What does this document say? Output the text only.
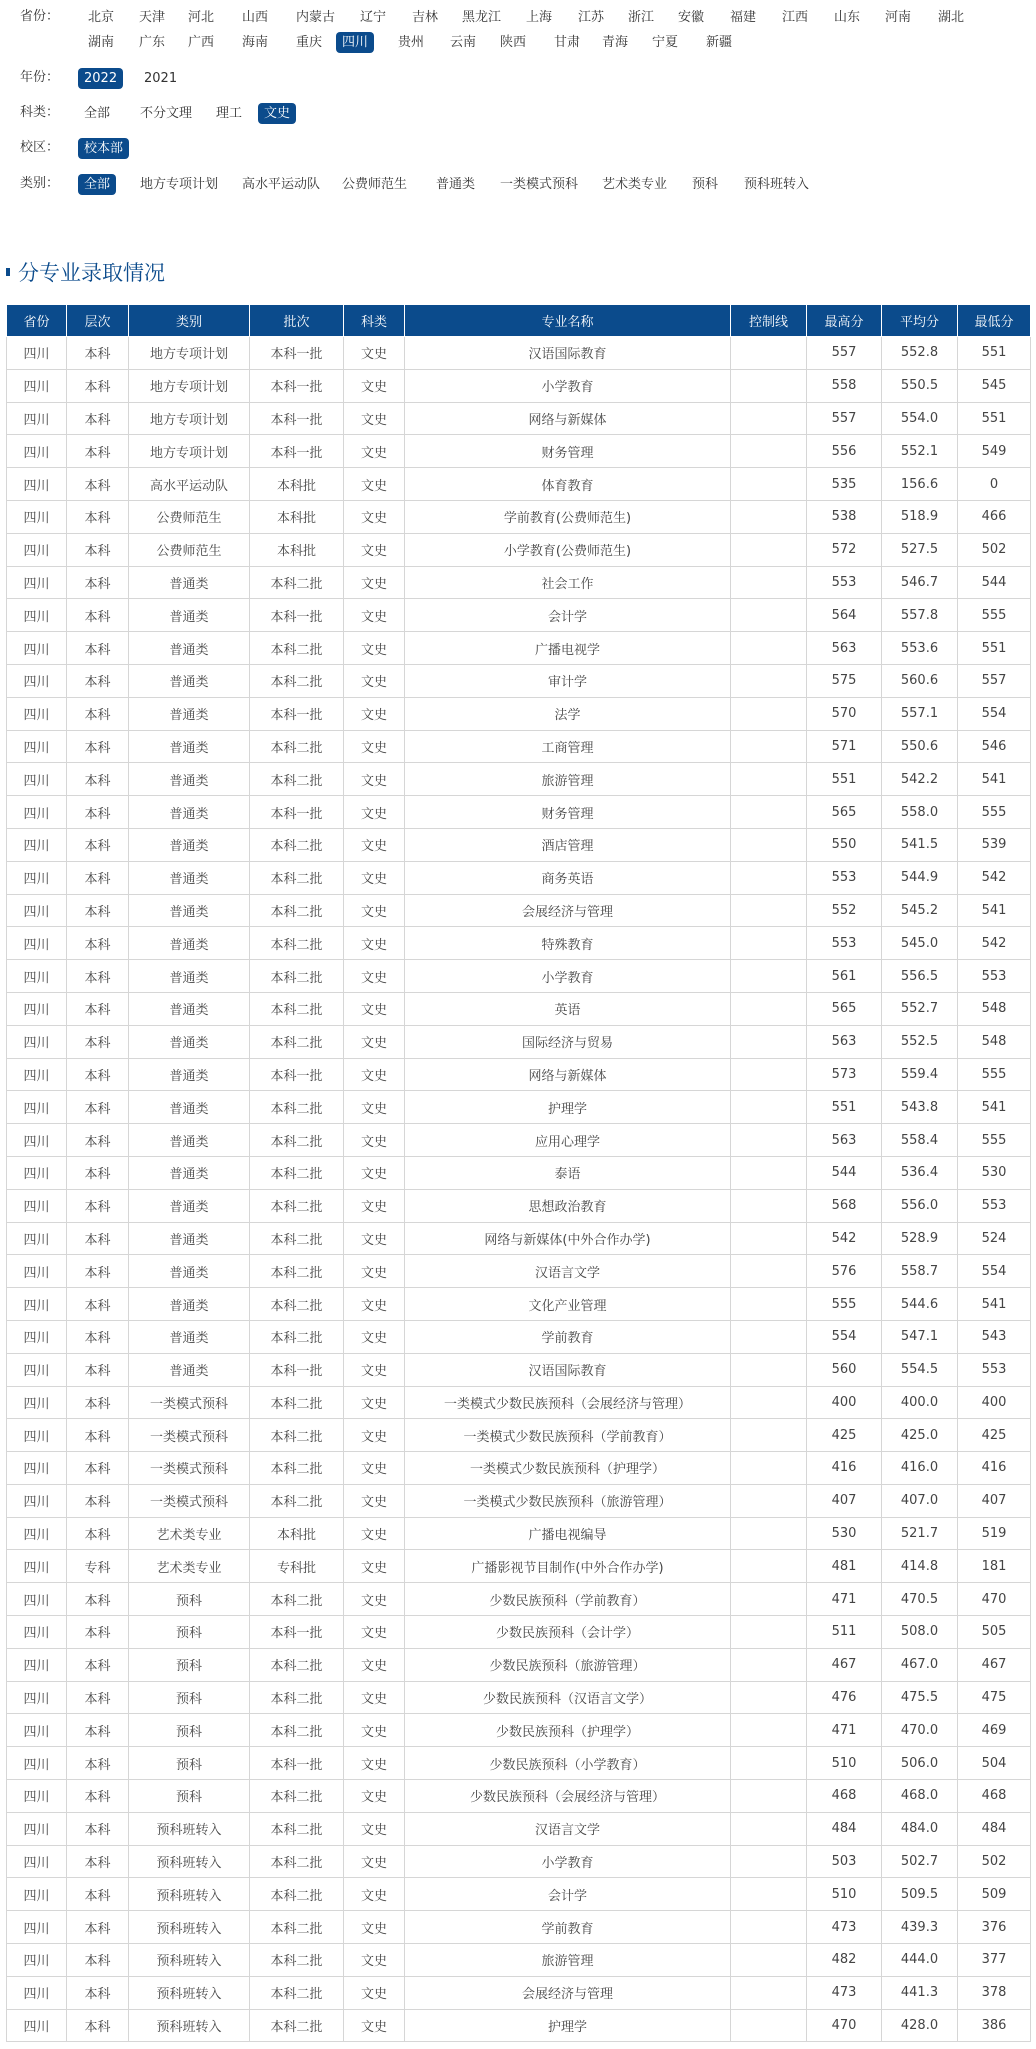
省份：	北京	天津	河北	山西	内蒙古	辽宁	吉林	黑龙江	上海	江苏	浙江	安徽	福建	江西	山东	河南	湖北
湖南	广东	广西	海南	重庆	四川	贵州	云南	陕西	甘肃	青海	宁夏	新疆
年份：	2022	2021
科类：	全部	不分文理	理工	文史
校区：	校本部
类别：	全部	地方专项计划	高水平运动队	公费师范生	普通类	一类模式预科	艺术类专业	预科	预科班转入
分专业录取情况
省份	层次	类别	批次	科类	专业名称	控制线	最高分	平均分	最低分
四川	本科	地方专项计划	本科一批	文史	汉语国际教育		557	552.8	551
四川	本科	地方专项计划	本科一批	文史	小学教育		558	550.5	545
四川	本科	地方专项计划	本科一批	文史	网络与新媒体		557	554.0	551
四川	本科	地方专项计划	本科一批	文史	财务管理		556	552.1	549
四川	本科	高水平运动队	本科批	文史	体育教育		535	156.6	0
四川	本科	公费师范生	本科批	文史	学前教育(公费师范生)		538	518.9	466
四川	本科	公费师范生	本科批	文史	小学教育(公费师范生)		572	527.5	502
四川	本科	普通类	本科二批	文史	社会工作		553	546.7	544
四川	本科	普通类	本科一批	文史	会计学		564	557.8	555
四川	本科	普通类	本科二批	文史	广播电视学		563	553.6	551
四川	本科	普通类	本科二批	文史	审计学		575	560.6	557
四川	本科	普通类	本科一批	文史	法学		570	557.1	554
四川	本科	普通类	本科二批	文史	工商管理		571	550.6	546
四川	本科	普通类	本科二批	文史	旅游管理		551	542.2	541
四川	本科	普通类	本科一批	文史	财务管理		565	558.0	555
四川	本科	普通类	本科二批	文史	酒店管理		550	541.5	539
四川	本科	普通类	本科二批	文史	商务英语		553	544.9	542
四川	本科	普通类	本科二批	文史	会展经济与管理		552	545.2	541
四川	本科	普通类	本科二批	文史	特殊教育		553	545.0	542
四川	本科	普通类	本科二批	文史	小学教育		561	556.5	553
四川	本科	普通类	本科二批	文史	英语		565	552.7	548
四川	本科	普通类	本科二批	文史	国际经济与贸易		563	552.5	548
四川	本科	普通类	本科一批	文史	网络与新媒体		573	559.4	555
四川	本科	普通类	本科二批	文史	护理学		551	543.8	541
四川	本科	普通类	本科二批	文史	应用心理学		563	558.4	555
四川	本科	普通类	本科二批	文史	泰语		544	536.4	530
四川	本科	普通类	本科二批	文史	思想政治教育		568	556.0	553
四川	本科	普通类	本科二批	文史	网络与新媒体(中外合作办学)		542	528.9	524
四川	本科	普通类	本科二批	文史	汉语言文学		576	558.7	554
四川	本科	普通类	本科二批	文史	文化产业管理		555	544.6	541
四川	本科	普通类	本科二批	文史	学前教育		554	547.1	543
四川	本科	普通类	本科一批	文史	汉语国际教育		560	554.5	553
四川	本科	一类模式预科	本科二批	文史	一类模式少数民族预科（会展经济与管理）		400	400.0	400
四川	本科	一类模式预科	本科二批	文史	一类模式少数民族预科（学前教育）		425	425.0	425
四川	本科	一类模式预科	本科二批	文史	一类模式少数民族预科（护理学）		416	416.0	416
四川	本科	一类模式预科	本科二批	文史	一类模式少数民族预科（旅游管理）		407	407.0	407
四川	本科	艺术类专业	本科批	文史	广播电视编导		530	521.7	519
四川	专科	艺术类专业	专科批	文史	广播影视节目制作(中外合作办学)		481	414.8	181
四川	本科	预科	本科二批	文史	少数民族预科（学前教育）		471	470.5	470
四川	本科	预科	本科一批	文史	少数民族预科（会计学）		511	508.0	505
四川	本科	预科	本科二批	文史	少数民族预科（旅游管理）		467	467.0	467
四川	本科	预科	本科二批	文史	少数民族预科（汉语言文学）		476	475.5	475
四川	本科	预科	本科二批	文史	少数民族预科（护理学）		471	470.0	469
四川	本科	预科	本科一批	文史	少数民族预科（小学教育）		510	506.0	504
四川	本科	预科	本科二批	文史	少数民族预科（会展经济与管理）		468	468.0	468
四川	本科	预科班转入	本科二批	文史	汉语言文学		484	484.0	484
四川	本科	预科班转入	本科二批	文史	小学教育		503	502.7	502
四川	本科	预科班转入	本科二批	文史	会计学		510	509.5	509
四川	本科	预科班转入	本科二批	文史	学前教育		473	439.3	376
四川	本科	预科班转入	本科二批	文史	旅游管理		482	444.0	377
四川	本科	预科班转入	本科二批	文史	会展经济与管理		473	441.3	378
四川	本科	预科班转入	本科二批	文史	护理学		470	428.0	386
